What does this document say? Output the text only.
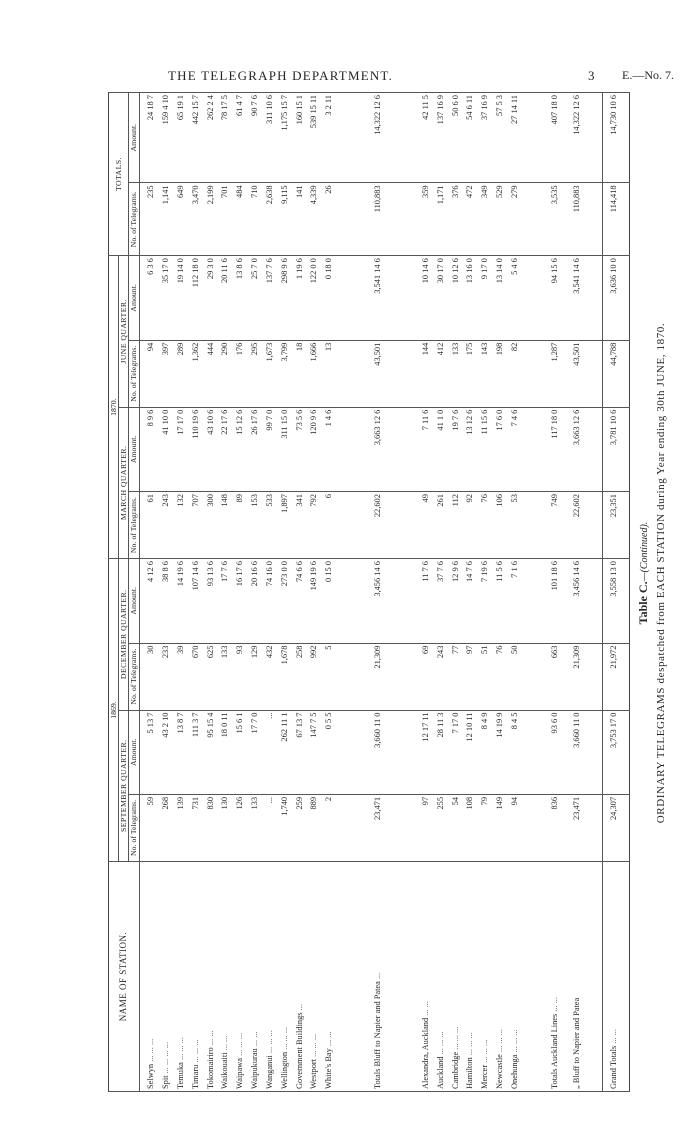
THE TELEGRAPH DEPARTMENT.	3 E.—No. 7.
Table C.—(Continued). ORDINARY TELEGRAMS despatched from EACH STATION during Year ending 30th JUNE, 1870.
NAME OF STATION.	1869.				1870.				TOTALS.	
	SEPTEMBER QUARTER.		DECEMBER QUARTER.		MARCH QUARTER.		JUNE QUARTER.			
	No. of Telegrams.	Amount.	No. of Telegrams.	Amount.	No. of Telegrams.	Amount.	No. of Telegrams.	Amount.	No. of Telegrams.	Amount.

Selwyn ... ... ...	59	5 13 7	30	4 12 6	61	8 9 6	94	6 3 6	235	24 18 7
Spit ... ... ... ...	268	43 2 10	233	38 8 6	243	41 10 0	397	35 17 0	1,141	159 4 10
Temuka ... ... ...	139	13 8 7	39	14 19 6	132	17 17 0	289	19 14 0	649	65 19 1
Timaru ... ... ...	731	111 3 7	670	107 14 6	707	110 19 6	1,362	112 18 0	3,470	442 15 7
Tokomairiro ... ...	830	95 15 4	625	93 13 6	300	43 10 6	444	29 3 0	2,199	262 2 4
Waikouaiti ... ...	130	18 0 11	133	17 7 6	148	22 17 6	290	20 11 6	701	78 17 5
Waipawa ... ... ...	126	15 6 1	93	16 17 6	89	15 12 6	176	13 8 6	484	61 4 7
Waipukurau ... ...	133	17 7 0	129	20 16 6	153	26 17 6	295	25 7 0	710	90 7 6
Wanganui ... ... ...	...	...	432	74 16 0	533	99 7 0	1,673	137 7 6	2,638	311 10 6
Wellington ... ... ...	1,740	262 11 1	1,678	273 0 0	1,897	311 15 0	3,799	298 9 6	9,115	1,175 15 7
Government Buildings ...	259	67 13 7	258	74 6 6	341	73 5 6	18	1 19 6	141	160 15 1
Westport ... ... ...	889	147 7 5	992	149 19 6	792	120 9 6	1,666	122 0 0	4,339	539 15 11
White's Bay ... ...	2	0 5 5	5	0 15 0	6	1 4 6	13	0 18 0	26	3 2 11

Totals Bluff to Napier and Patea ...	23,471	3,660 11 0	21,309	3,456 14 6	22,602	3,663 12 6	43,501	3,541 14 6	110,883	14,322 12 6

Alexandra, Auckland ... ...	97	12 17 11	69	11 7 6	49	7 11 6	144	10 14 6	359	42 11 5
Auckland ... ... ...	255	28 11 3	243	37 7 6	261	41 1 0	412	30 17 0	1,171	137 16 9
Cambridge ... ... ...	54	7 17 0	77	12 9 6	112	19 7 6	133	10 12 6	376	50 6 0
Hamilton ... ... ...	108	12 10 11	97	14 7 6	92	13 12 6	175	13 16 0	472	54 6 11
Mercer ... ... ...	79	8 4 9	51	7 19 6	76	11 15 6	143	9 17 0	349	37 16 9
Newcastle ... ... ...	149	14 19 9	76	11 5 6	106	17 6 0	198	13 14 0	529	57 5 3
Onehunga ... ... ...	94	8 4 5	50	7 1 6	53	7 4 6	82	5 4 6	279	27 14 11

Totals Auckland Lines ... ...	836	93 6 0	663	101 18 6	749	117 18 0	1,287	94 15 6	3,535	407 18 0
„ Bluff to Napier and Patea	23,471	3,660 11 0	21,309	3,456 14 6	22,602	3,663 12 6	43,501	3,541 14 6	110,883	14,322 12 6

Grand Totals ... ...	24,307	3,753 17 0	21,972	3,558 13 0	23,351	3,781 10 6	44,788	3,636 10 0	114,418	14,730 10 6
